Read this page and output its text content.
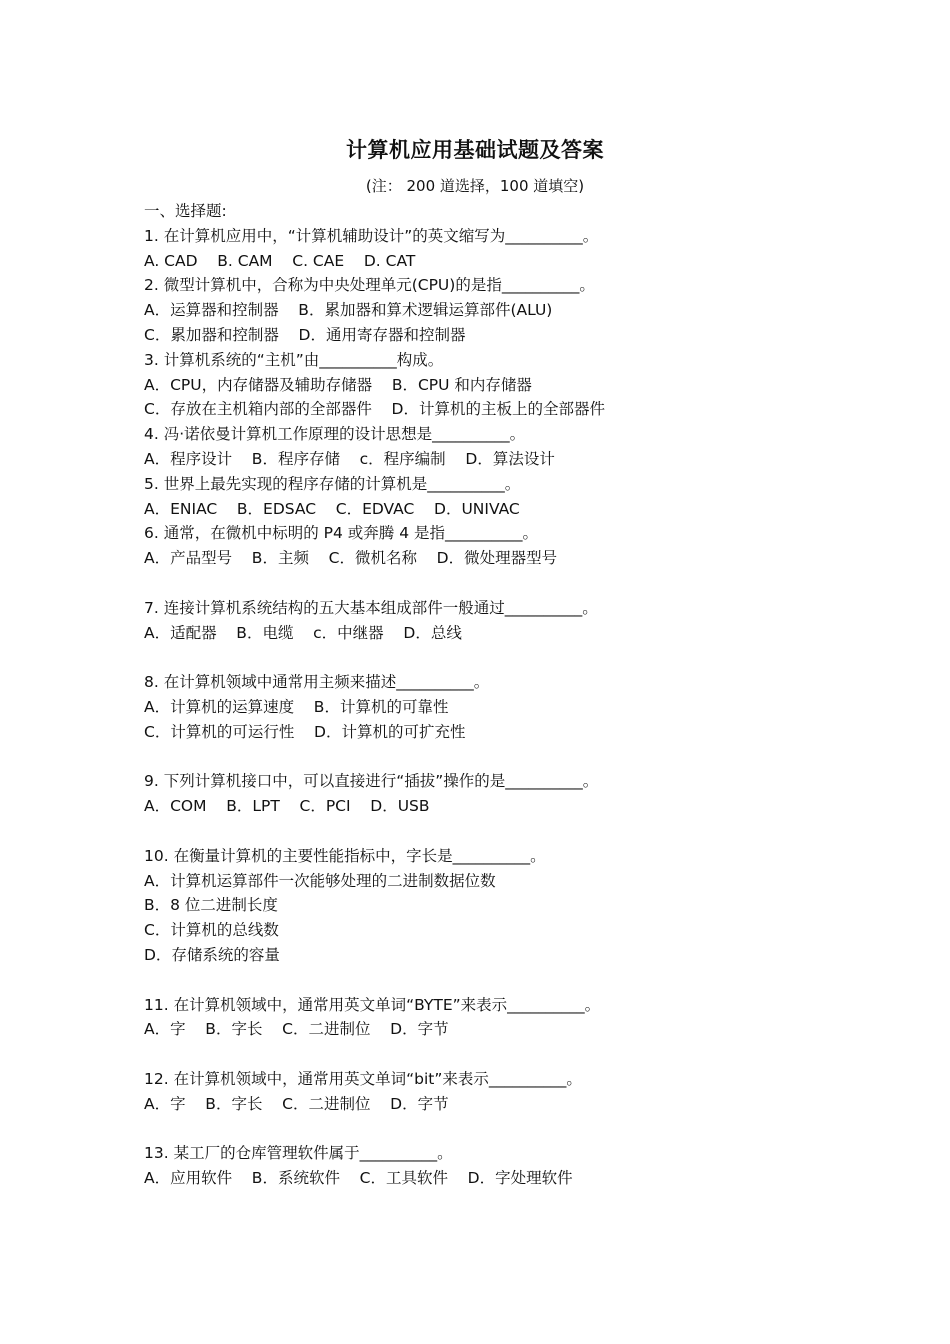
计算机应用基础试题及答案
(注： 200 道选择，100 道填空)
一、选择题:
1. 在计算机应用中，“计算机辅助设计”的英文缩写为__________。
A. CAD    B. CAM    C. CAE    D. CAT
2. 微型计算机中，合称为中央处理单元(CPU)的是指__________。
A．运算器和控制器    B．累加器和算术逻辑运算部件(ALU)
C．累加器和控制器    D．通用寄存器和控制器
3. 计算机系统的“主机”由__________构成。
A．CPU，内存储器及辅助存储器    B．CPU 和内存储器
C．存放在主机箱内部的全部器件    D．计算机的主板上的全部器件
4. 冯·诺依曼计算机工作原理的设计思想是__________。
A．程序设计    B．程序存储    c．程序编制    D．算法设计
5. 世界上最先实现的程序存储的计算机是__________。
A．ENIAC    B．EDSAC    C．EDVAC    D．UNIVAC
6. 通常，在微机中标明的 P4 或奔腾 4 是指__________。
A．产品型号    B．主频    C．微机名称    D．微处理器型号
7. 连接计算机系统结构的五大基本组成部件一般通过__________。
A．适配器    B．电缆    c．中继器    D．总线
8. 在计算机领域中通常用主频来描述__________。
A．计算机的运算速度    B．计算机的可靠性
C．计算机的可运行性    D．计算机的可扩充性
9. 下列计算机接口中，可以直接进行“插拔”操作的是__________。
A．COM    B．LPT    C．PCI    D．USB
10. 在衡量计算机的主要性能指标中，字长是__________。
A．计算机运算部件一次能够处理的二进制数据位数
B．8 位二进制长度
C．计算机的总线数
D．存储系统的容量
11. 在计算机领域中，通常用英文单词“BYTE”来表示__________。
A．字    B．字长    C．二进制位    D．字节
12. 在计算机领域中，通常用英文单词“bit”来表示__________。
A．字    B．字长    C．二进制位    D．字节
13. 某工厂的仓库管理软件属于__________。
A．应用软件    B．系统软件    C．工具软件    D．字处理软件
